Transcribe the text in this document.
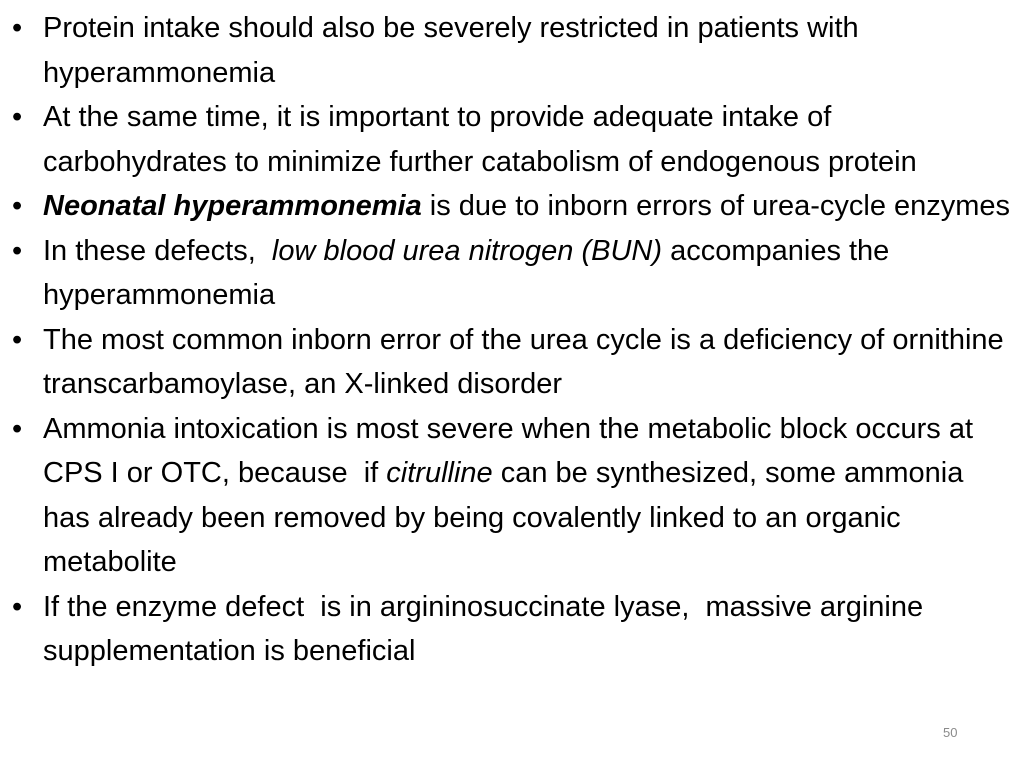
• Protein intake should also be severely restricted in patients with hyperammonemia
• At the same time, it is important to provide adequate intake of carbohydrates to minimize further catabolism of endogenous protein
• Neonatal hyperammonemia is due to inborn errors of urea-cycle enzymes
• In these defects,  low blood urea nitrogen (BUN) accompanies the hyperammonemia
• The most common inborn error of the urea cycle is a deficiency of ornithine transcarbamoylase, an X-linked disorder
• Ammonia intoxication is most severe when the metabolic block occurs at CPS I or OTC, because  if citrulline can be synthesized, some ammonia has already been removed by being covalently linked to an organic metabolite
• If the enzyme defect  is in argininosuccinate lyase,  massive arginine supplementation is beneficial
50
